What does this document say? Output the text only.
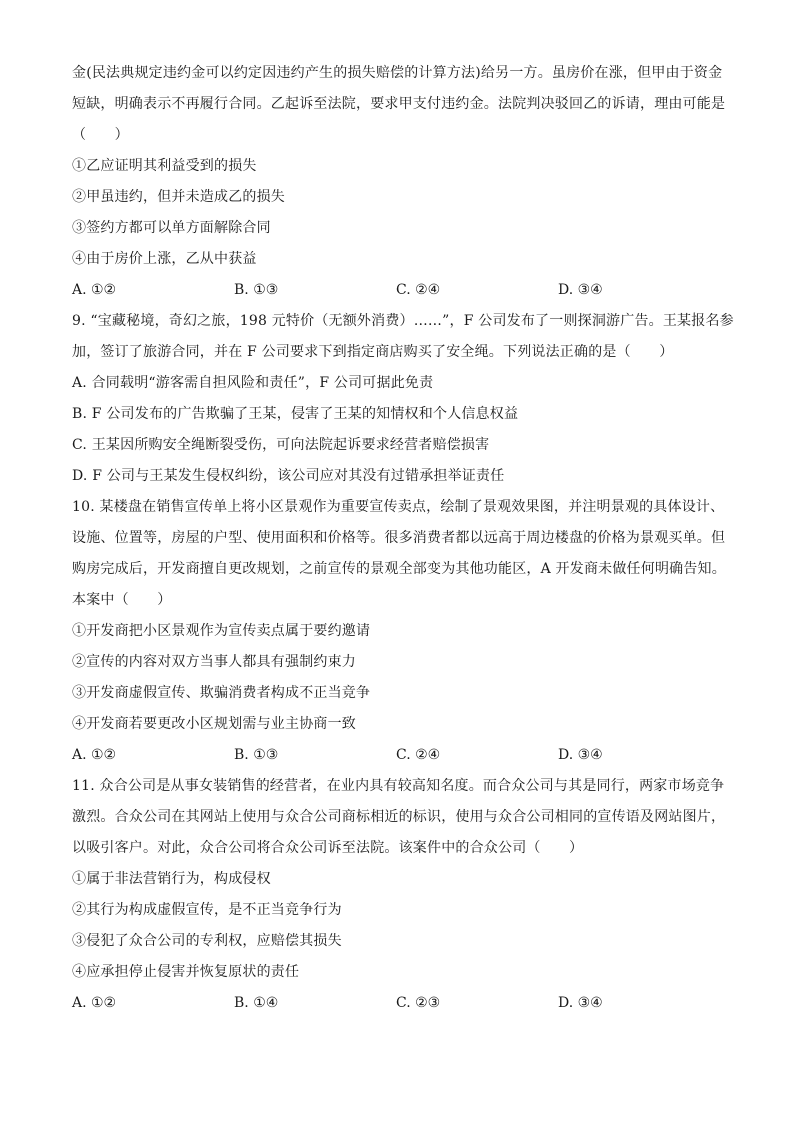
金(民法典规定违约金可以约定因违约产生的损失赔偿的计算方法)给另一方。虽房价在涨，但甲由于资金
短缺，明确表示不再履行合同。乙起诉至法院，要求甲支付违约金。法院判决驳回乙的诉请，理由可能是
（　　）
①乙应证明其利益受到的损失
②甲虽违约，但并未造成乙的损失
③签约方都可以单方面解除合同
④由于房价上涨，乙从中获益
A. ①②	B. ①③	C. ②④	D. ③④
9. “宝藏秘境，奇幻之旅，198 元特价（无额外消费）……”，F 公司发布了一则探洞游广告。王某报名参
加，签订了旅游合同，并在 F 公司要求下到指定商店购买了安全绳。下列说法正确的是（　　）
A. 合同载明“游客需自担风险和责任”，F 公司可据此免责
B. F 公司发布的广告欺骗了王某，侵害了王某的知情权和个人信息权益
C. 王某因所购安全绳断裂受伤，可向法院起诉要求经营者赔偿损害
D. F 公司与王某发生侵权纠纷，该公司应对其没有过错承担举证责任
10. 某楼盘在销售宣传单上将小区景观作为重要宣传卖点，绘制了景观效果图，并注明景观的具体设计、
设施、位置等，房屋的户型、使用面积和价格等。很多消费者都以远高于周边楼盘的价格为景观买单。但
购房完成后，开发商擅自更改规划，之前宣传的景观全部变为其他功能区，A 开发商未做任何明确告知。
本案中（　　）
①开发商把小区景观作为宣传卖点属于要约邀请
②宣传的内容对双方当事人都具有强制约束力
③开发商虚假宣传、欺骗消费者构成不正当竞争
④开发商若要更改小区规划需与业主协商一致
A. ①②	B. ①③	C. ②④	D. ③④
11. 众合公司是从事女装销售的经营者，在业内具有较高知名度。而合众公司与其是同行，两家市场竞争
激烈。合众公司在其网站上使用与众合公司商标相近的标识，使用与众合公司相同的宣传语及网站图片，
以吸引客户。对此，众合公司将合众公司诉至法院。该案件中的合众公司（　　）
①属于非法营销行为，构成侵权
②其行为构成虚假宣传，是不正当竞争行为
③侵犯了众合公司的专利权，应赔偿其损失
④应承担停止侵害并恢复原状的责任
A. ①②	B. ①④	C. ②③	D. ③④
